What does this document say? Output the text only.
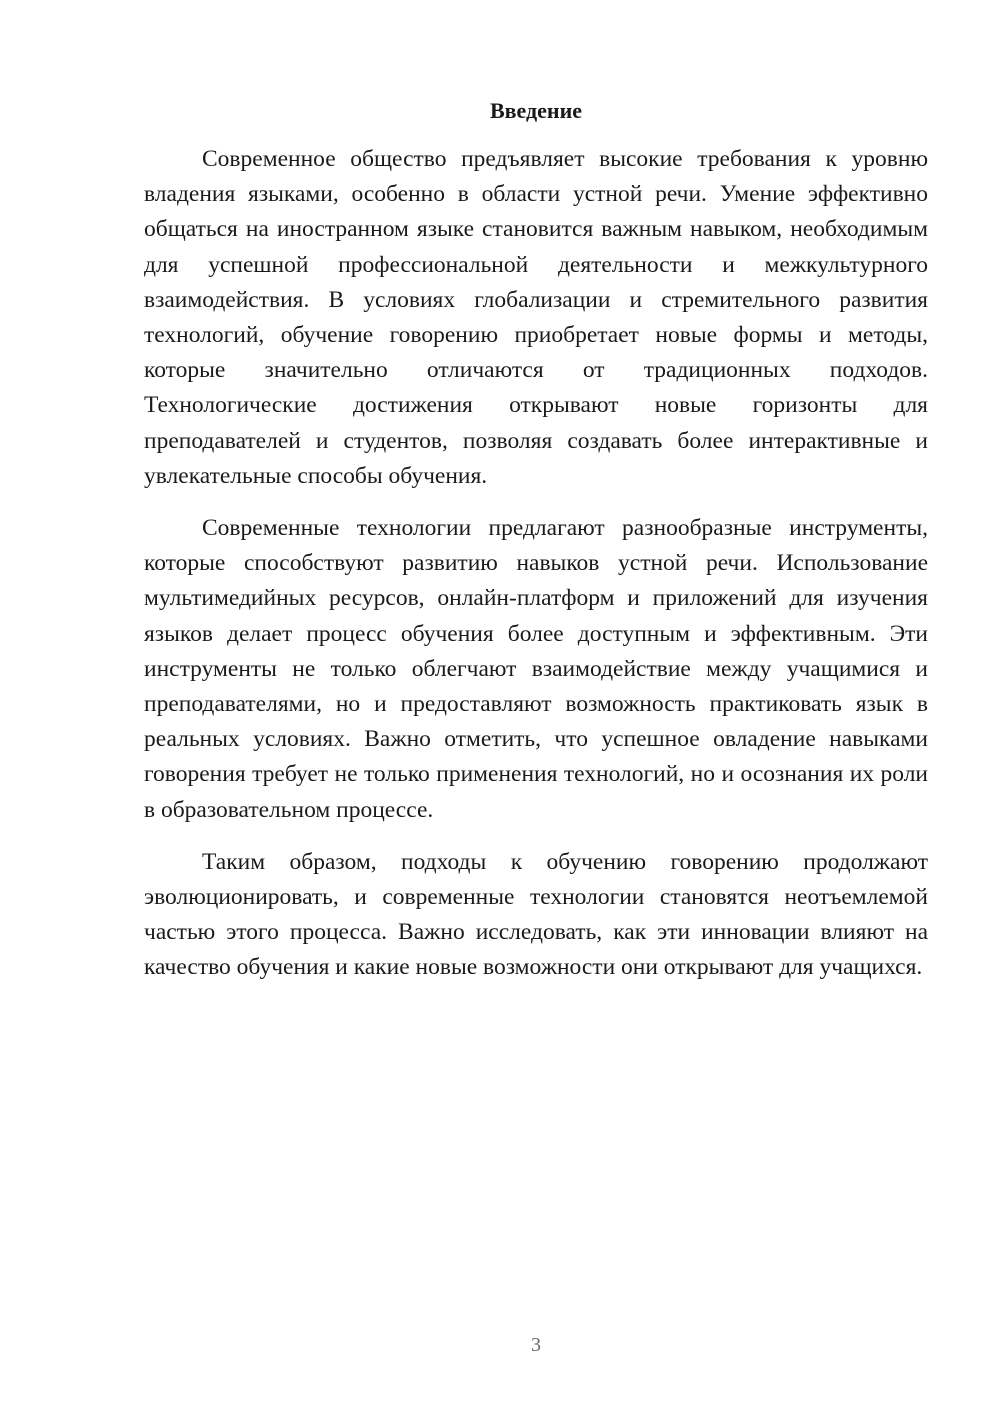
Введение

Современное общество предъявляет высокие требования к уровню владения языками, особенно в области устной речи. Умение эффективно общаться на иностранном языке становится важным навыком, необходимым для успешной профессиональной деятельности и межкультурного взаимодействия. В условиях глобализации и стремительного развития технологий, обучение говорению приобретает новые формы и методы, которые значительно отличаются от традиционных подходов. Технологические достижения открывают новые горизонты для преподавателей и студентов, позволяя создавать более интерактивные и увлекательные способы обучения.

Современные технологии предлагают разнообразные инструменты, которые способствуют развитию навыков устной речи. Использование мультимедийных ресурсов, онлайн-платформ и приложений для изучения языков делает процесс обучения более доступным и эффективным. Эти инструменты не только облегчают взаимодействие между учащимися и преподавателями, но и предоставляют возможность практиковать язык в реальных условиях. Важно отметить, что успешное овладение навыками говорения требует не только применения технологий, но и осознания их роли в образовательном процессе.

Таким образом, подходы к обучению говорению продолжают эволюционировать, и современные технологии становятся неотъемлемой частью этого процесса. Важно исследовать, как эти инновации влияют на качество обучения и какие новые возможности они открывают для учащихся.

3
